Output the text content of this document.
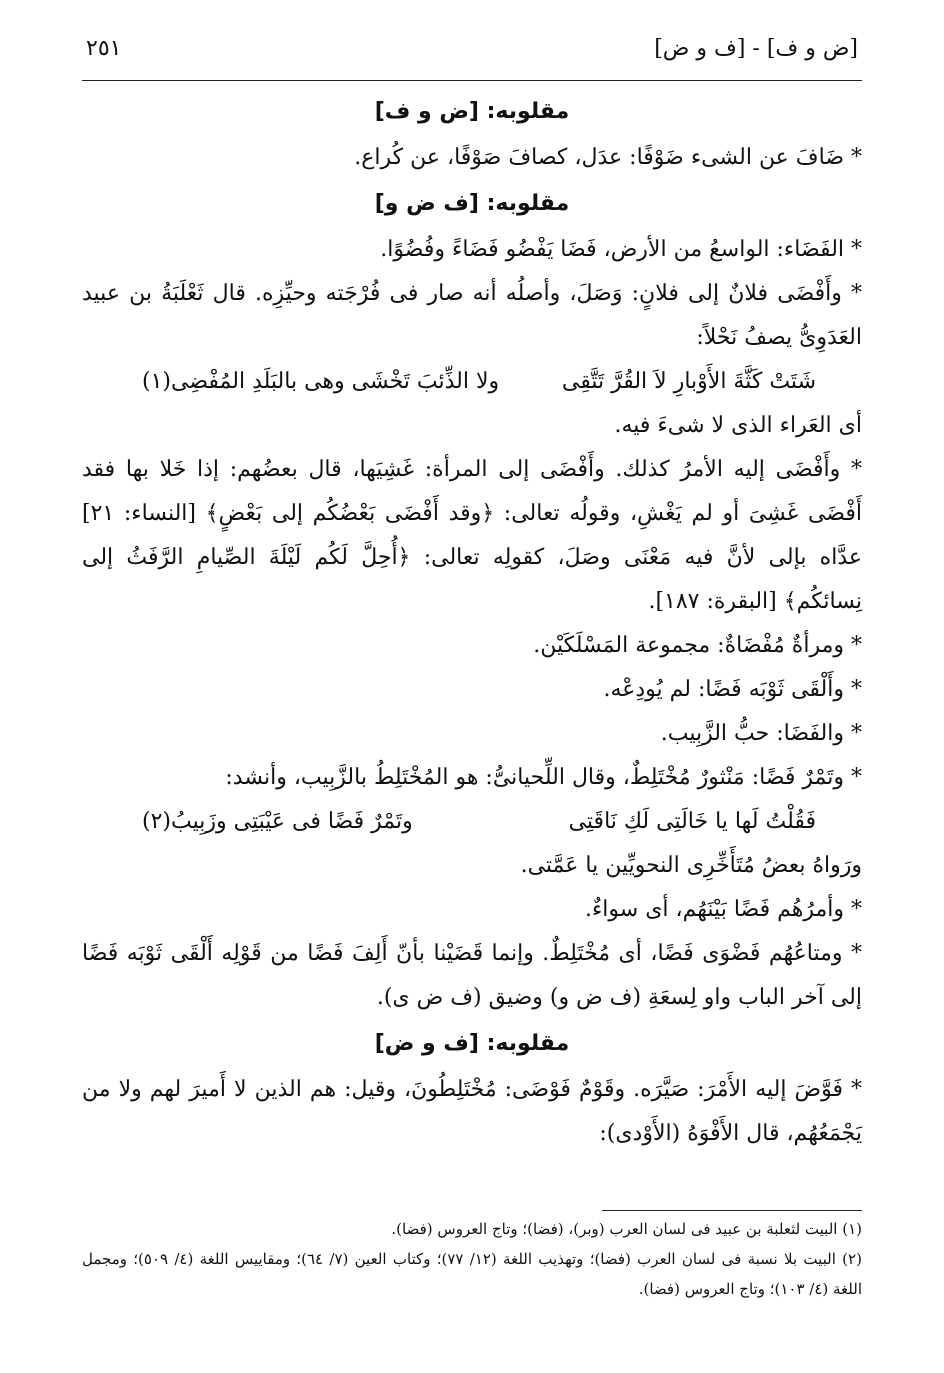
٢٥١	[ض و ف] - [ف و ض]
مقلوبه: [ض و ف]

* ضَافَ عن الشىء ضَوْفًا: عدَل، كصافَ صَوْفًا، عن كُراع.

مقلوبه: [ف ض و]

* الفَضَاء: الواسعُ من الأرض، فَضَا يَفْضُو فَضَاءً وفُضُوًا.

* وأَفْضَى فلانٌ إلى فلانٍ: وَصَلَ، وأصلُه أنه صار فى فُرْجَته وحيِّزِه. قال ثَعْلَبَةُ بن عبيد العَدَوِىُّ يصفُ نَحْلاً:

شَتَتْ كَثَّةَ الأَوْبارِ لاَ القُرَّ تَتَّقِى
ولا الذِّئبَ تَخْشَى وهى بالبَلَدِ المُفْضِى(١)

أى العَراء الذى لا شىءَ فيه.

* وأَفْضَى إليه الأمرُ كذلك. وأَفْضَى إلى المرأة: غَشِيَها، قال بعضُهم: إذا خَلا بها فقد أَفْضَى غَشِىَ أو لم يَغْشِ، وقولُه تعالى: ﴿وقد أَفْضَى بَعْضُكُم إلى بَعْضٍ﴾ [النساء: ٢١] عدَّاه بإلى لأنَّ فيه مَعْنَى وصَلَ، كقولِه تعالى: ﴿أُحِلَّ لَكُم لَيْلَةَ الصِّيامِ الرَّفَثُ إلى نِسائكُم﴾ [البقرة: ١٨٧].

* ومرأةٌ مُفْضَاةٌ: مجموعة المَسْلَكَيْن.

* وأَلْقَى ثَوْبَه فَضًا: لم يُودِعْه.

* والفَضَا: حبُّ الزَّبِيب.

* وتَمْرٌ فَضًا: مَنْثورٌ مُخْتَلِطٌ، وقال اللِّحيانىُّ: هو المُخْتَلِطُ بالزَّبِيب، وأنشد:

فَقُلْتُ لَها يا خَالَتِى لَكِ نَاقَتِى
وتَمْرٌ فَضًا فى عَيْبَتِى وزَبِيبُ(٢)

ورَواهُ بعضُ مُتَأَخِّرِى النحويِّين يا عَمَّتى.

* وأمرُهُم فَضًا بَيْنَهُم، أى سواءٌ.

* ومتاعُهُم فَضْوَى فَضًا، أى مُخْتَلِطٌ. وإنما قَضَيْنا بأنّ أَلِفَ فَضًا من قَوْلِه أَلْقَى ثَوْبَه فَضًا إلى آخر الباب واو لِسعَةِ (ف ض و) وضيق (ف ض ى).

مقلوبه: [ف و ض]

* فَوَّضَ إليه الأَمْرَ: صَيَّرَه. وقَوْمٌ فَوْضَى: مُخْتَلِطُونَ، وقيل: هم الذين لا أَميرَ لهم ولا من يَجْمَعُهُم، قال الأَفْوَهُ (الأَوْدى):

(١) البيت لثعلبة بن عبيد فى لسان العرب (وبر)، (فضا)؛ وتاج العروس (فضا).

(٢) البيت بلا نسبة فى لسان العرب (فضا)؛ وتهذيب اللغة (١٢/ ٧٧)؛ وكتاب العين (٧/ ٦٤)؛ ومقاييس اللغة (٤/ ٥٠٩)؛ ومجمل اللغة (٤/ ١٠٣)؛ وتاج العروس (فضا).
